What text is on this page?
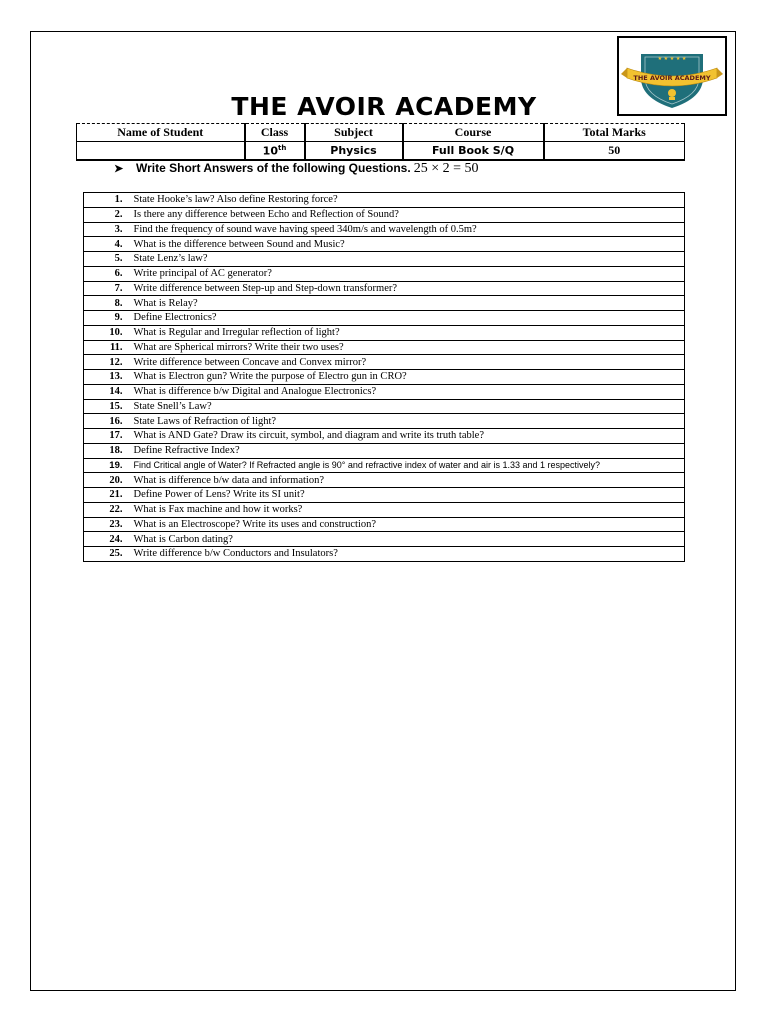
★ ★ ★ ★ ★
THE AVOIR ACADEMY
THE AVOIR ACADEMY
Name of Student	Class	Subject	Course	Total Marks
	10th	Physics	Full Book S/Q	50
➤ Write Short Answers of the following Questions. 25 × 2 = 50
1.	State Hooke’s law? Also define Restoring force?
2.	Is there any difference between Echo and Reflection of Sound?
3.	Find the frequency of sound wave having speed 340m/s and wavelength of 0.5m?
4.	What is the difference between Sound and Music?
5.	State Lenz’s law?
6.	Write principal of AC generator?
7.	Write difference between Step-up and Step-down transformer?
8.	What is Relay?
9.	Define Electronics?
10.	What is Regular and Irregular reflection of light?
11.	What are Spherical mirrors? Write their two uses?
12.	Write difference between Concave and Convex mirror?
13.	What is Electron gun? Write the purpose of Electro gun in CRO?
14.	What is difference b/w Digital and Analogue Electronics?
15.	State Snell’s Law?
16.	State Laws of Refraction of light?
17.	What is AND Gate? Draw its circuit, symbol, and diagram and write its truth table?
18.	Define Refractive Index?
19.	Find Critical angle of Water? If Refracted angle is 90° and refractive index of water and air is 1.33 and 1 respectively?
20.	What is difference b/w data and information?
21.	Define Power of Lens? Write its SI unit?
22.	What is Fax machine and how it works?
23.	What is an Electroscope? Write its uses and construction?
24.	What is Carbon dating?
25.	Write difference b/w Conductors and Insulators?
